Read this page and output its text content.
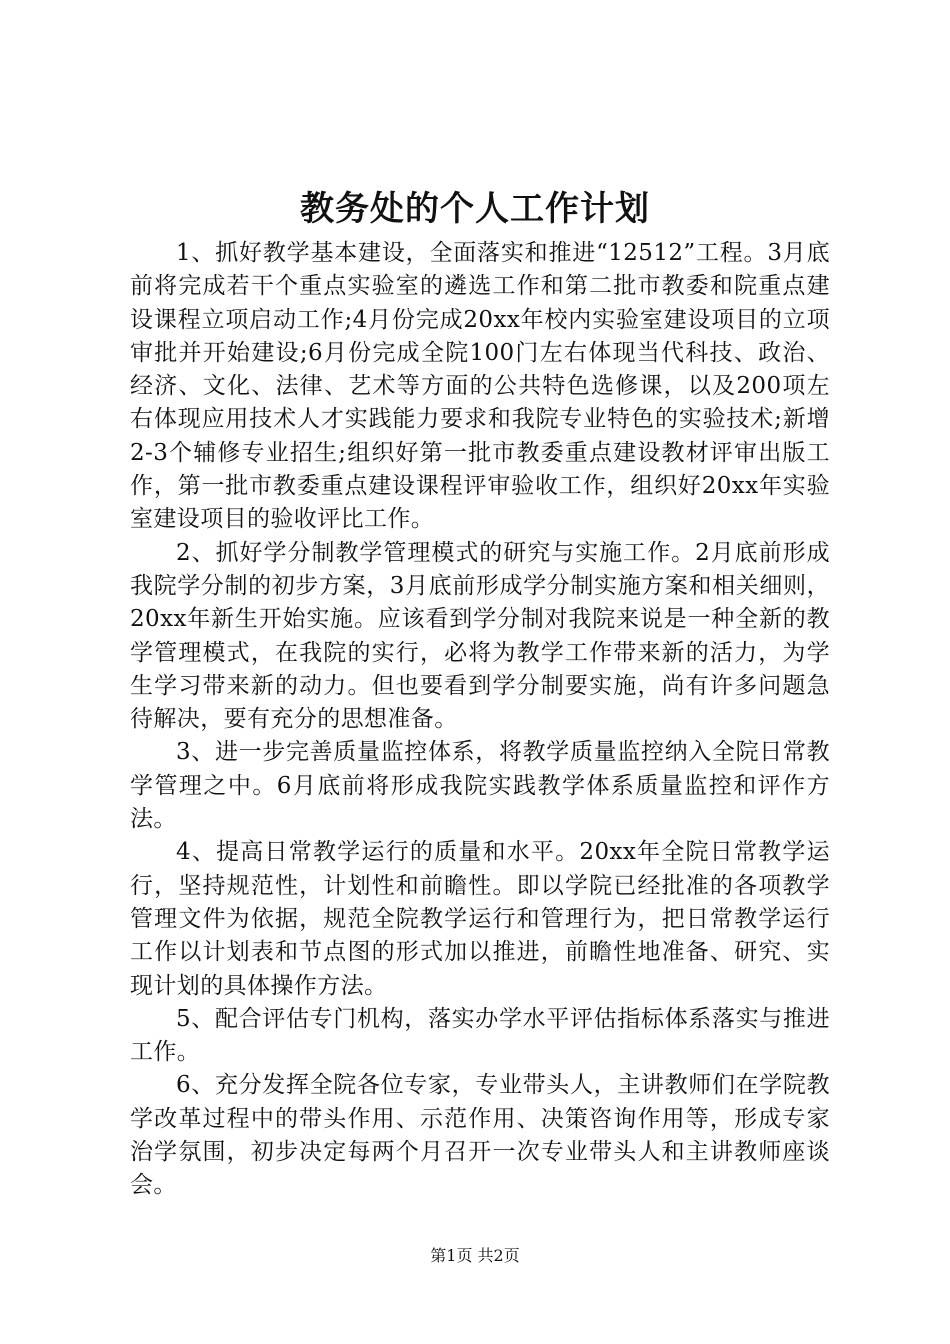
教务处的个人工作计划

1、抓好教学基本建设，全面落实和推进“12512”工程。3月底前将完成若干个重点实验室的遴选工作和第二批市教委和院重点建设课程立项启动工作;4月份完成20xx年校内实验室建设项目的立项审批并开始建设;6月份完成全院100门左右体现当代科技、政治、经济、文化、法律、艺术等方面的公共特色选修课，以及200项左右体现应用技术人才实践能力要求和我院专业特色的实验技术;新增2-3个辅修专业招生;组织好第一批市教委重点建设教材评审出版工作，第一批市教委重点建设课程评审验收工作，组织好20xx年实验室建设项目的验收评比工作。

2、抓好学分制教学管理模式的研究与实施工作。2月底前形成我院学分制的初步方案，3月底前形成学分制实施方案和相关细则，20xx年新生开始实施。应该看到学分制对我院来说是一种全新的教学管理模式，在我院的实行，必将为教学工作带来新的活力，为学生学习带来新的动力。但也要看到学分制要实施，尚有许多问题急待解决，要有充分的思想准备。

3、进一步完善质量监控体系，将教学质量监控纳入全院日常教学管理之中。6月底前将形成我院实践教学体系质量监控和评作方法。

4、提高日常教学运行的质量和水平。20xx年全院日常教学运行，坚持规范性，计划性和前瞻性。即以学院已经批准的各项教学管理文件为依据，规范全院教学运行和管理行为，把日常教学运行工作以计划表和节点图的形式加以推进，前瞻性地准备、研究、实现计划的具体操作方法。

5、配合评估专门机构，落实办学水平评估指标体系落实与推进工作。

6、充分发挥全院各位专家，专业带头人，主讲教师们在学院教学改革过程中的带头作用、示范作用、决策咨询作用等，形成专家治学氛围，初步决定每两个月召开一次专业带头人和主讲教师座谈会。

第1页 共2页
